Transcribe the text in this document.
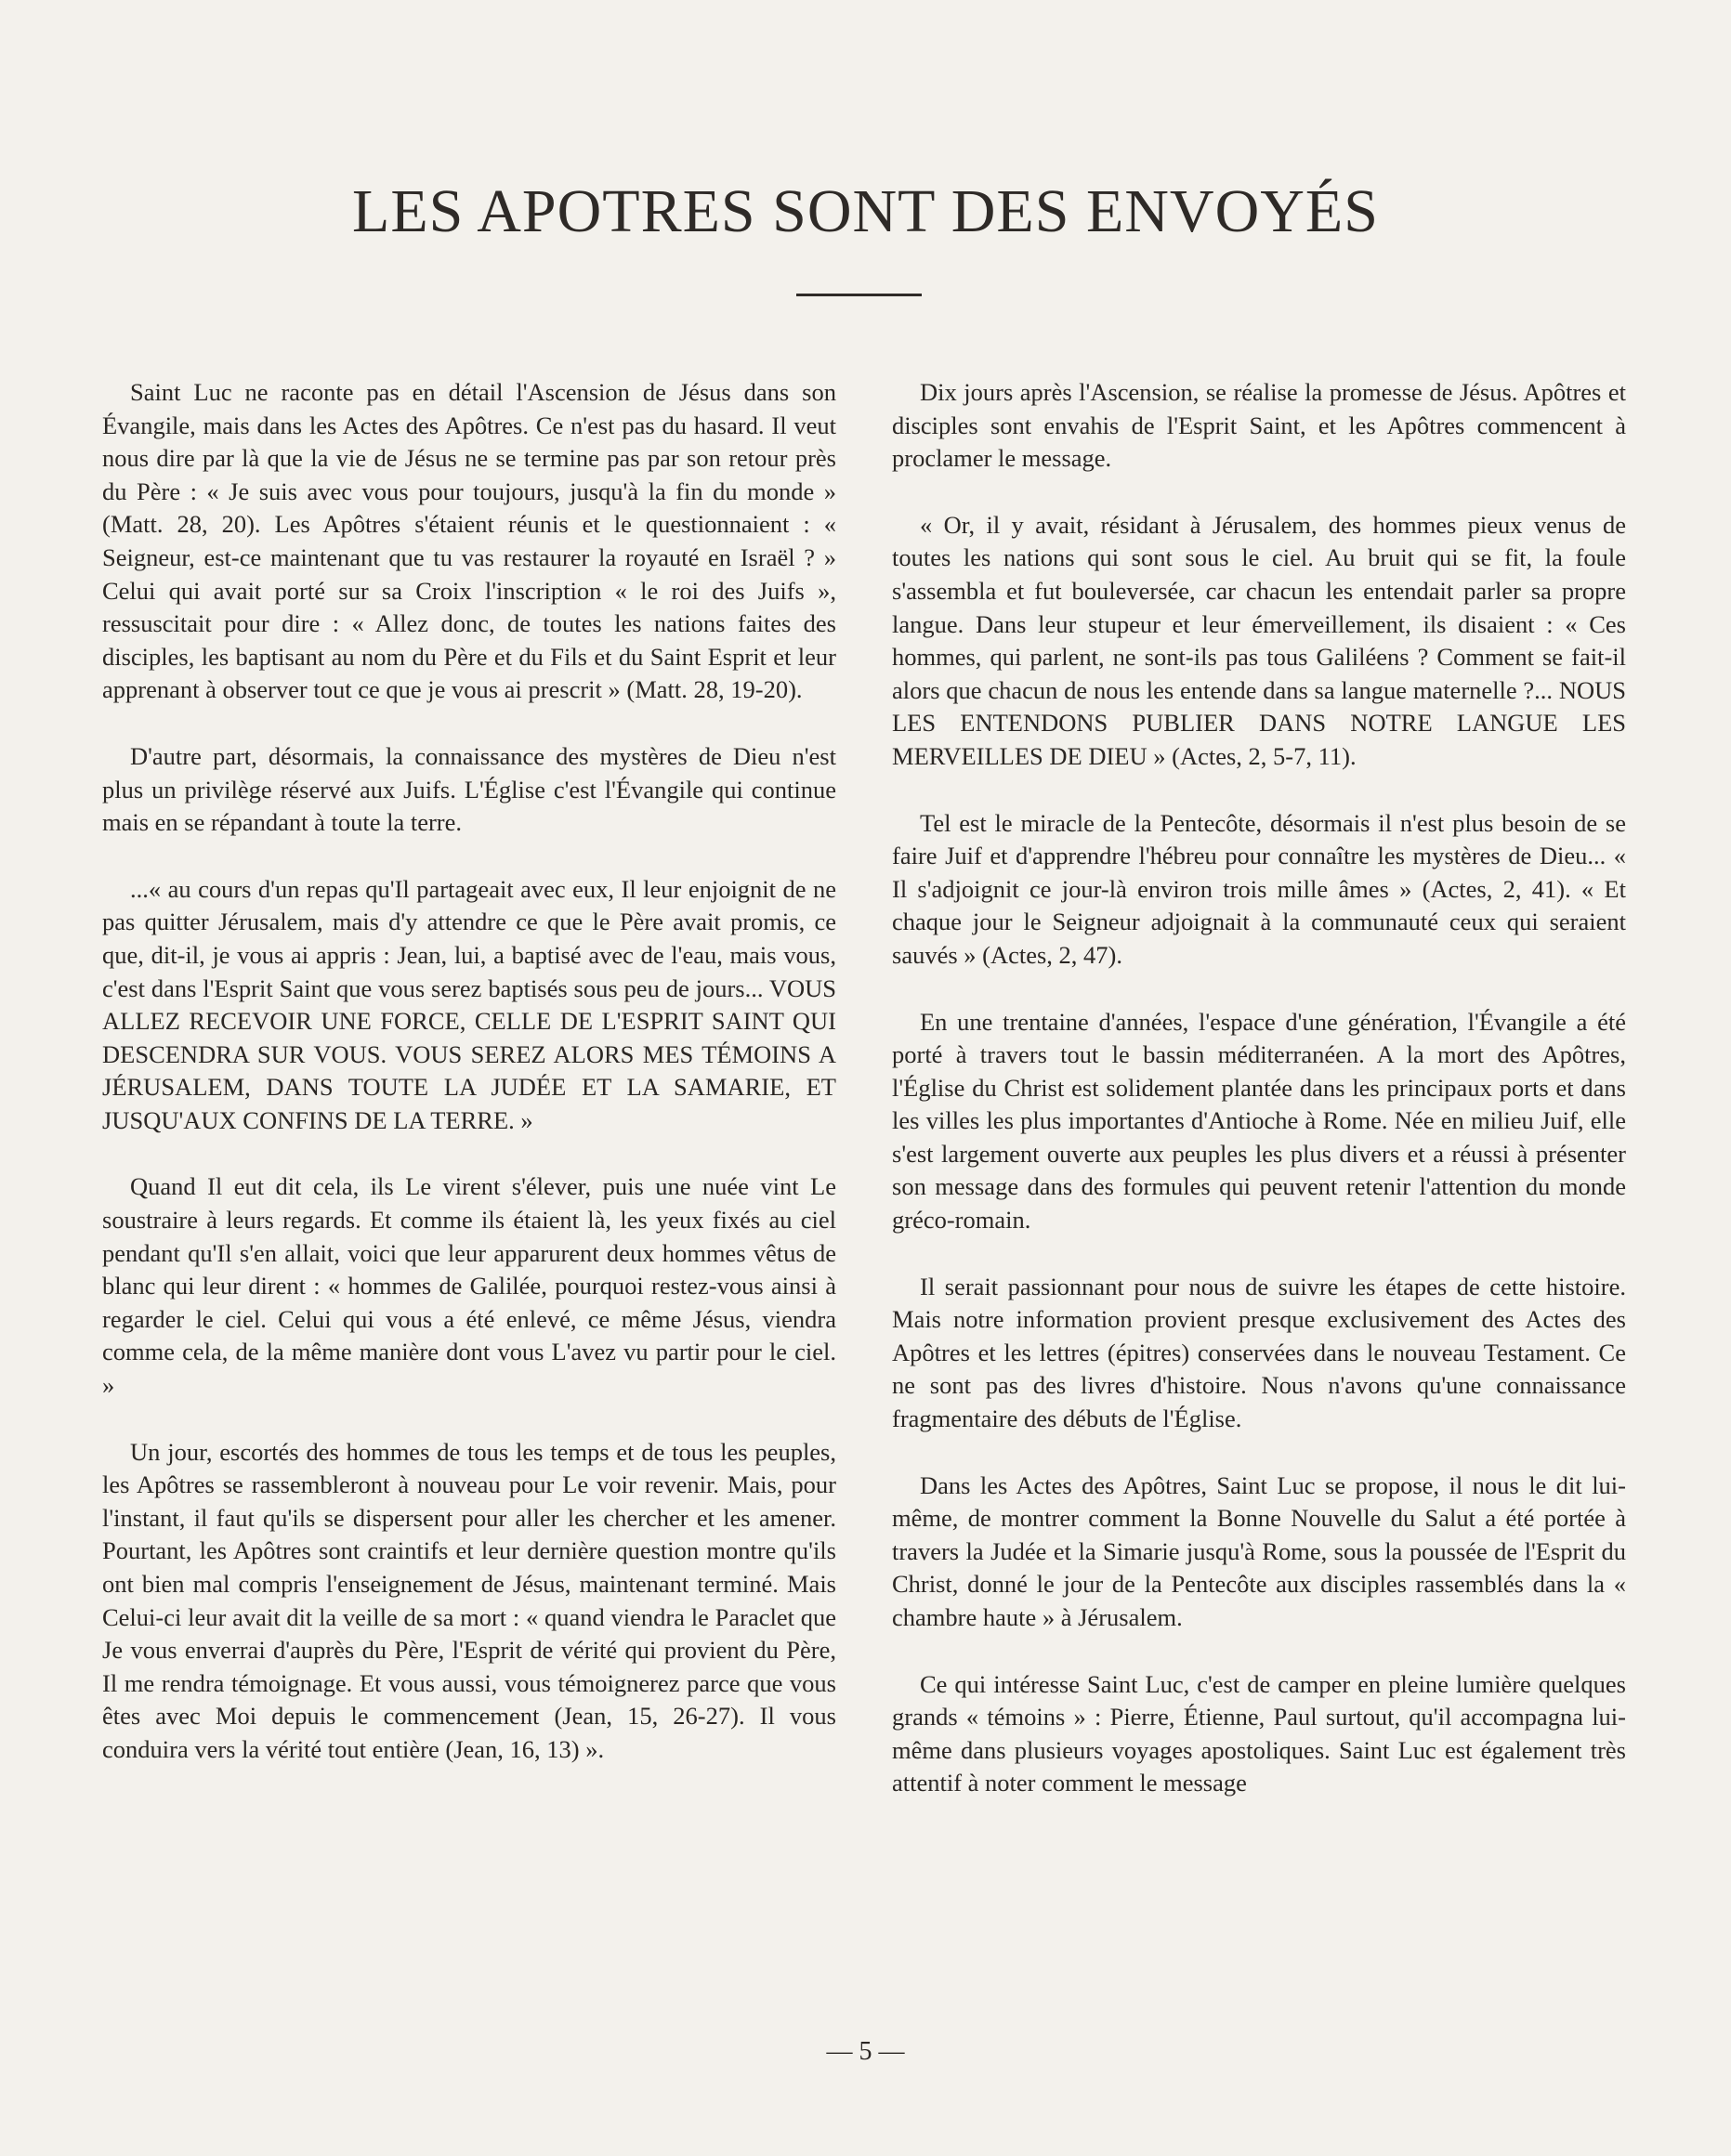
LES APOTRES SONT DES ENVOYÉS

Saint Luc ne raconte pas en détail l'Ascension de Jésus dans son Évangile, mais dans les Actes des Apôtres. Ce n'est pas du hasard. Il veut nous dire par là que la vie de Jésus ne se termine pas par son retour près du Père : « Je suis avec vous pour toujours, jusqu'à la fin du monde » (Matt. 28, 20). Les Apôtres s'étaient réunis et le questionnaient : « Seigneur, est-ce maintenant que tu vas restaurer la royauté en Israël ? » Celui qui avait porté sur sa Croix l'inscription « le roi des Juifs », ressuscitait pour dire : « Allez donc, de toutes les nations faites des disciples, les baptisant au nom du Père et du Fils et du Saint Esprit et leur apprenant à observer tout ce que je vous ai prescrit » (Matt. 28, 19-20).

D'autre part, désormais, la connaissance des mystères de Dieu n'est plus un privilège réservé aux Juifs. L'Église c'est l'Évangile qui continue mais en se répandant à toute la terre.

...« au cours d'un repas qu'Il partageait avec eux, Il leur enjoignit de ne pas quitter Jérusalem, mais d'y attendre ce que le Père avait promis, ce que, dit-il, je vous ai appris : Jean, lui, a baptisé avec de l'eau, mais vous, c'est dans l'Esprit Saint que vous serez baptisés sous peu de jours... VOUS ALLEZ RECEVOIR UNE FORCE, CELLE DE L'ESPRIT SAINT QUI DESCENDRA SUR VOUS. VOUS SEREZ ALORS MES TÉMOINS A JÉRUSALEM, DANS TOUTE LA JUDÉE ET LA SAMARIE, ET JUSQU'AUX CONFINS DE LA TERRE. »

Quand Il eut dit cela, ils Le virent s'élever, puis une nuée vint Le soustraire à leurs regards. Et comme ils étaient là, les yeux fixés au ciel pendant qu'Il s'en allait, voici que leur apparurent deux hommes vêtus de blanc qui leur dirent : « hommes de Galilée, pourquoi restez-vous ainsi à regarder le ciel. Celui qui vous a été enlevé, ce même Jésus, viendra comme cela, de la même manière dont vous L'avez vu partir pour le ciel. »

Un jour, escortés des hommes de tous les temps et de tous les peuples, les Apôtres se rassembleront à nouveau pour Le voir revenir. Mais, pour l'instant, il faut qu'ils se dispersent pour aller les chercher et les amener. Pourtant, les Apôtres sont craintifs et leur dernière question montre qu'ils ont bien mal compris l'enseignement de Jésus, maintenant terminé. Mais Celui-ci leur avait dit la veille de sa mort : « quand viendra le Paraclet que Je vous enverrai d'auprès du Père, l'Esprit de vérité qui provient du Père, Il me rendra témoignage. Et vous aussi, vous témoignerez parce que vous êtes avec Moi depuis le commencement (Jean, 15, 26-27). Il vous conduira vers la vérité tout entière (Jean, 16, 13) ».

Dix jours après l'Ascension, se réalise la promesse de Jésus. Apôtres et disciples sont envahis de l'Esprit Saint, et les Apôtres commencent à proclamer le message.

« Or, il y avait, résidant à Jérusalem, des hommes pieux venus de toutes les nations qui sont sous le ciel. Au bruit qui se fit, la foule s'assembla et fut bouleversée, car chacun les entendait parler sa propre langue. Dans leur stupeur et leur émerveillement, ils disaient : « Ces hommes, qui parlent, ne sont-ils pas tous Galiléens ? Comment se fait-il alors que chacun de nous les entende dans sa langue maternelle ?... NOUS LES ENTENDONS PUBLIER DANS NOTRE LANGUE LES MERVEILLES DE DIEU » (Actes, 2, 5-7, 11).

Tel est le miracle de la Pentecôte, désormais il n'est plus besoin de se faire Juif et d'apprendre l'hébreu pour connaître les mystères de Dieu... « Il s'adjoignit ce jour-là environ trois mille âmes » (Actes, 2, 41). « Et chaque jour le Seigneur adjoignait à la communauté ceux qui seraient sauvés » (Actes, 2, 47).

En une trentaine d'années, l'espace d'une génération, l'Évangile a été porté à travers tout le bassin méditerranéen. A la mort des Apôtres, l'Église du Christ est solidement plantée dans les principaux ports et dans les villes les plus importantes d'Antioche à Rome. Née en milieu Juif, elle s'est largement ouverte aux peuples les plus divers et a réussi à présenter son message dans des formules qui peuvent retenir l'attention du monde gréco-romain.

Il serait passionnant pour nous de suivre les étapes de cette histoire. Mais notre information provient presque exclusivement des Actes des Apôtres et les lettres (épitres) conservées dans le nouveau Testament. Ce ne sont pas des livres d'histoire. Nous n'avons qu'une connaissance fragmentaire des débuts de l'Église.

Dans les Actes des Apôtres, Saint Luc se propose, il nous le dit lui-même, de montrer comment la Bonne Nouvelle du Salut a été portée à travers la Judée et la Simarie jusqu'à Rome, sous la poussée de l'Esprit du Christ, donné le jour de la Pentecôte aux disciples rassemblés dans la « chambre haute » à Jérusalem.

Ce qui intéresse Saint Luc, c'est de camper en pleine lumière quelques grands « témoins » : Pierre, Étienne, Paul surtout, qu'il accompagna lui-même dans plusieurs voyages apostoliques. Saint Luc est également très attentif à noter comment le message

— 5 —
